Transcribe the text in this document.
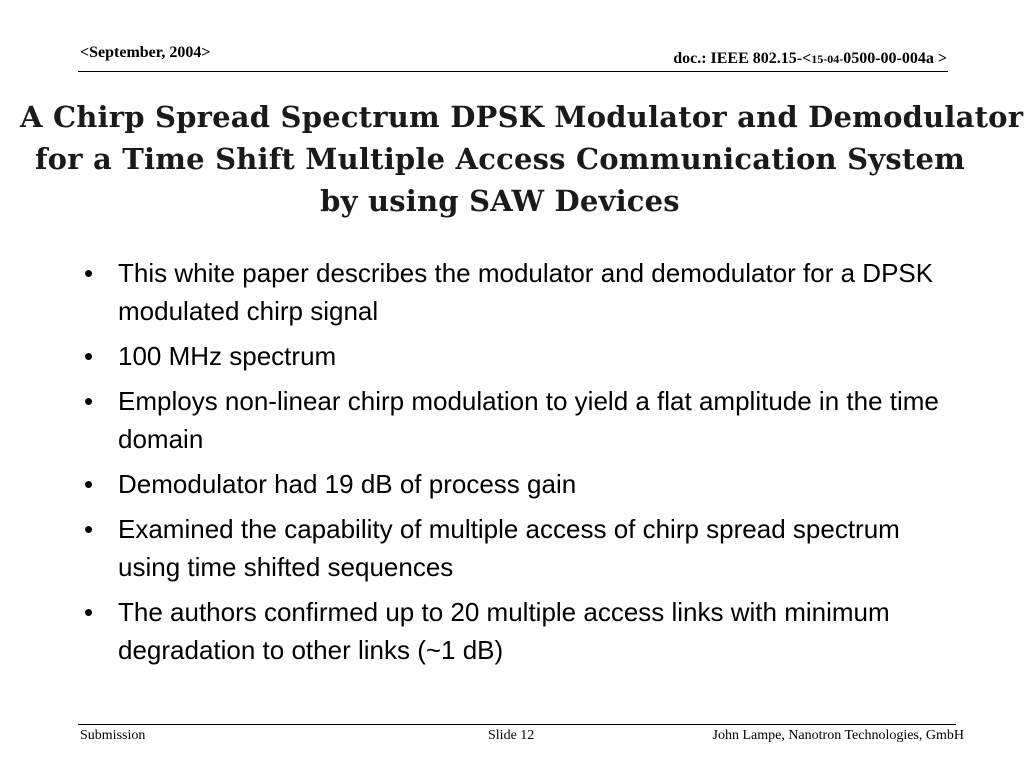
<September, 2004>	doc.: IEEE 802.15-<15-04-0500-00-004a >
A Chirp Spread Spectrum DPSK Modulator and Demodulator
for a Time Shift Multiple Access Communication System
by using SAW Devices
• This white paper describes the modulator and demodulator for a DPSK modulated chirp signal
• 100 MHz spectrum
• Employs non-linear chirp modulation to yield a flat amplitude in the time domain
• Demodulator had 19 dB of process gain
• Examined the capability of multiple access of chirp spread spectrum using time shifted sequences
• The authors confirmed up to 20 multiple access links with minimum degradation to other links (~1 dB)
Submission	Slide 12	John Lampe, Nanotron Technologies, GmbH
